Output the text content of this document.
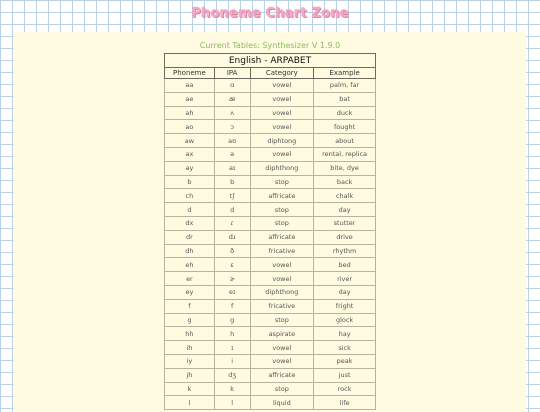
Phoneme Chart Zone
Current Tables: Synthesizer V 1.9.0
English - ARPABET
Phoneme	IPA	Category	Example
aa	ɑ	vowel	palm, far
ae	æ	vowel	bat
ah	ʌ	vowel	duck
ao	ɔ	vowel	fought
aw	aʊ	diphtong	about
ax	ə	vowel	rental, replica
ay	aɪ	diphthong	bite, dye
b	b	stop	back
ch	tʃ	affricate	chalk
d	d	stop	day
dx	ɾ	stop	stutter
dr	dɹ	affricate	drive
dh	ð	fricative	rhythm
eh	ɛ	vowel	bed
er	ɝ	vowel	river
ey	eɪ	diphthong	day
f	f	fricative	fright
g	g	stop	glock
hh	h	aspirate	hay
ih	ɪ	vowel	sick
iy	i	vowel	peak
jh	dʒ	affricate	just
k	k	stop	rock
l	l	liquid	life
